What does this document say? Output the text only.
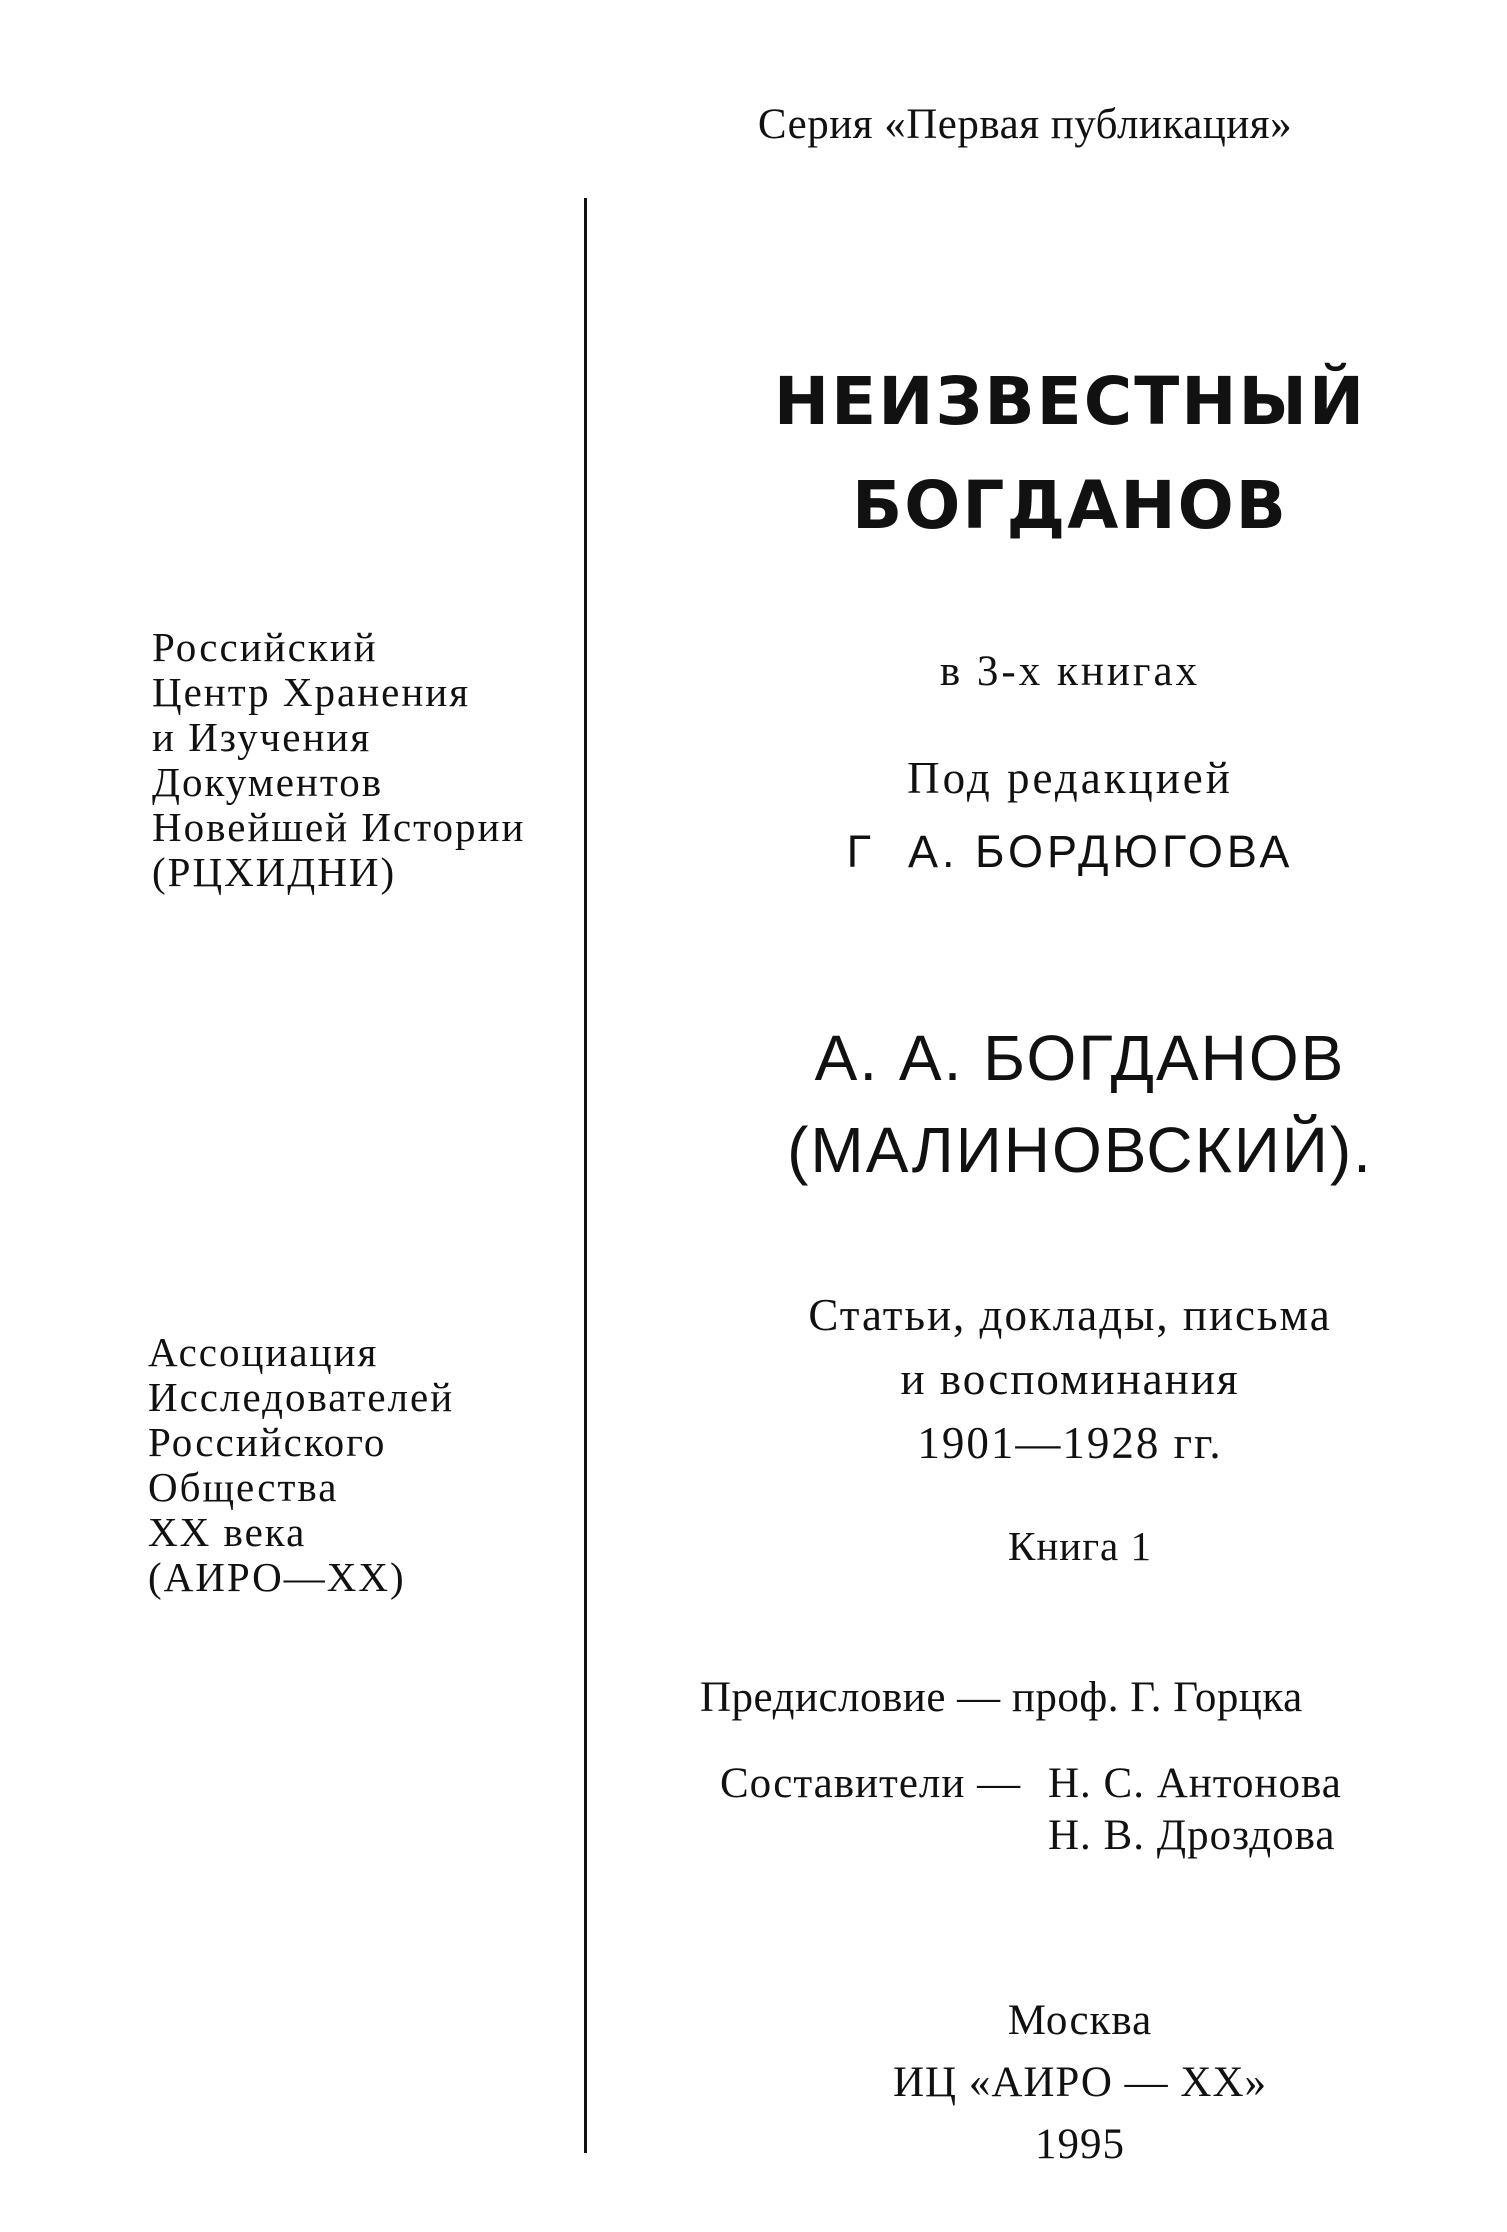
Серия «Первая публикация»
НЕИЗВЕСТНЫЙ
БОГДАНОВ
в 3-х книгах
Под редакцией
Г  А. БОРДЮГОВА
А. А. БОГДАНОВ
(МАЛИНОВСКИЙ).
Статьи, доклады, письма
и воспоминания
1901—1928 гг.
Книга 1
Предисловие — проф. Г. Горцка
Составители — Н. С. Антонова
Н. В. Дроздова
Москва
ИЦ «АИРО — XX»
1995
Российский
Центр Хранения
и Изучения
Документов
Новейшей Истории
(РЦХИДНИ)
Ассоциация
Исследователей
Российского
Общества
XX века
(АИРО—XX)
